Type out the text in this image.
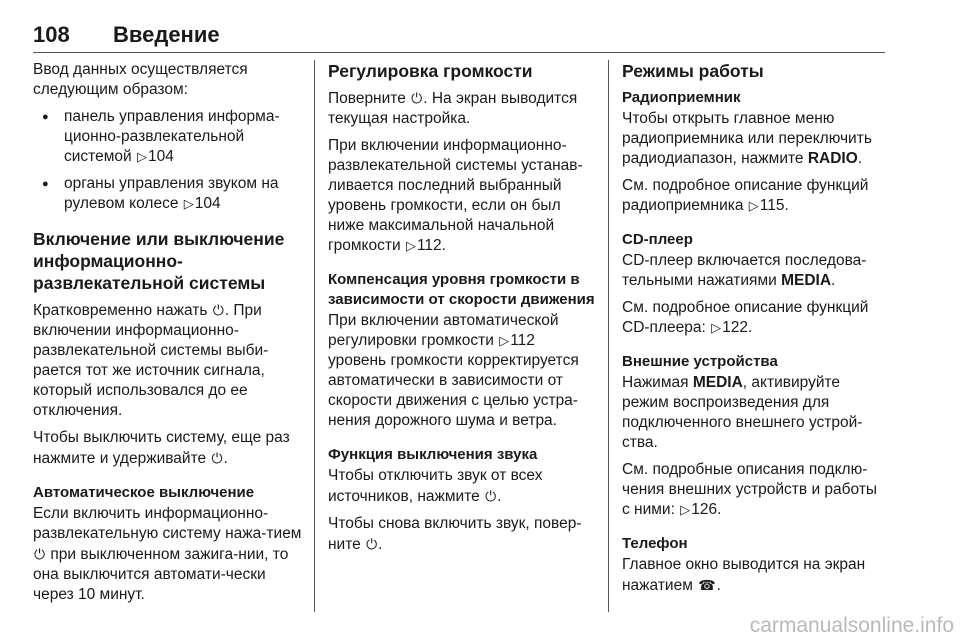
108 Введение

Ввод данных осуществляется следующим образом:

● панель управления информа-ционно-развлекательной системой ▷104
● органы управления звуком на рулевом колесе ▷104
Включение или выключение информационно-развлекательной системы

Кратковременно нажать ⏻. При включении информационно-развлекательной системы выби-рается тот же источник сигнала, который использовался до ее отключения.

Чтобы выключить систему, еще раз нажмите и удерживайте ⏻.

Автоматическое выключение

Если включить информационно-развлекательную систему нажа-тием ⏻ при выключенном зажига-нии, то она выключится автомати-чески через 10 минут.

Регулировка громкости

Поверните ⏻. На экран выводится текущая настройка.

При включении информационно-развлекательной системы устанав-ливается последний выбранный уровень громкости, если он был ниже максимальной начальной громкости ▷112.

Компенсация уровня громкости в зависимости от скорости движения

При включении автоматической регулировки громкости ▷112 уровень громкости корректируется автоматически в зависимости от скорости движения с целью устра-нения дорожного шума и ветра.

Функция выключения звука

Чтобы отключить звук от всех источников, нажмите ⏻.

Чтобы снова включить звук, повер-ните ⏻.

Режимы работы
Радиоприемник

Чтобы открыть главное меню радиоприемника или переключить радиодиапазон, нажмите RADIO.

См. подробное описание функций радиоприемника ▷115.

CD-плеер

CD-плеер включается последова-тельными нажатиями MEDIA.

См. подробное описание функций CD-плеера: ▷122.

Внешние устройства

Нажимая MEDIA, активируйте режим воспроизведения для подключенного внешнего устрой-ства.

См. подробные описания подклю-чения внешних устройств и работы с ними: ▷126.

Телефон

Главное окно выводится на экран нажатием ☎.

carmanualsonline.info
